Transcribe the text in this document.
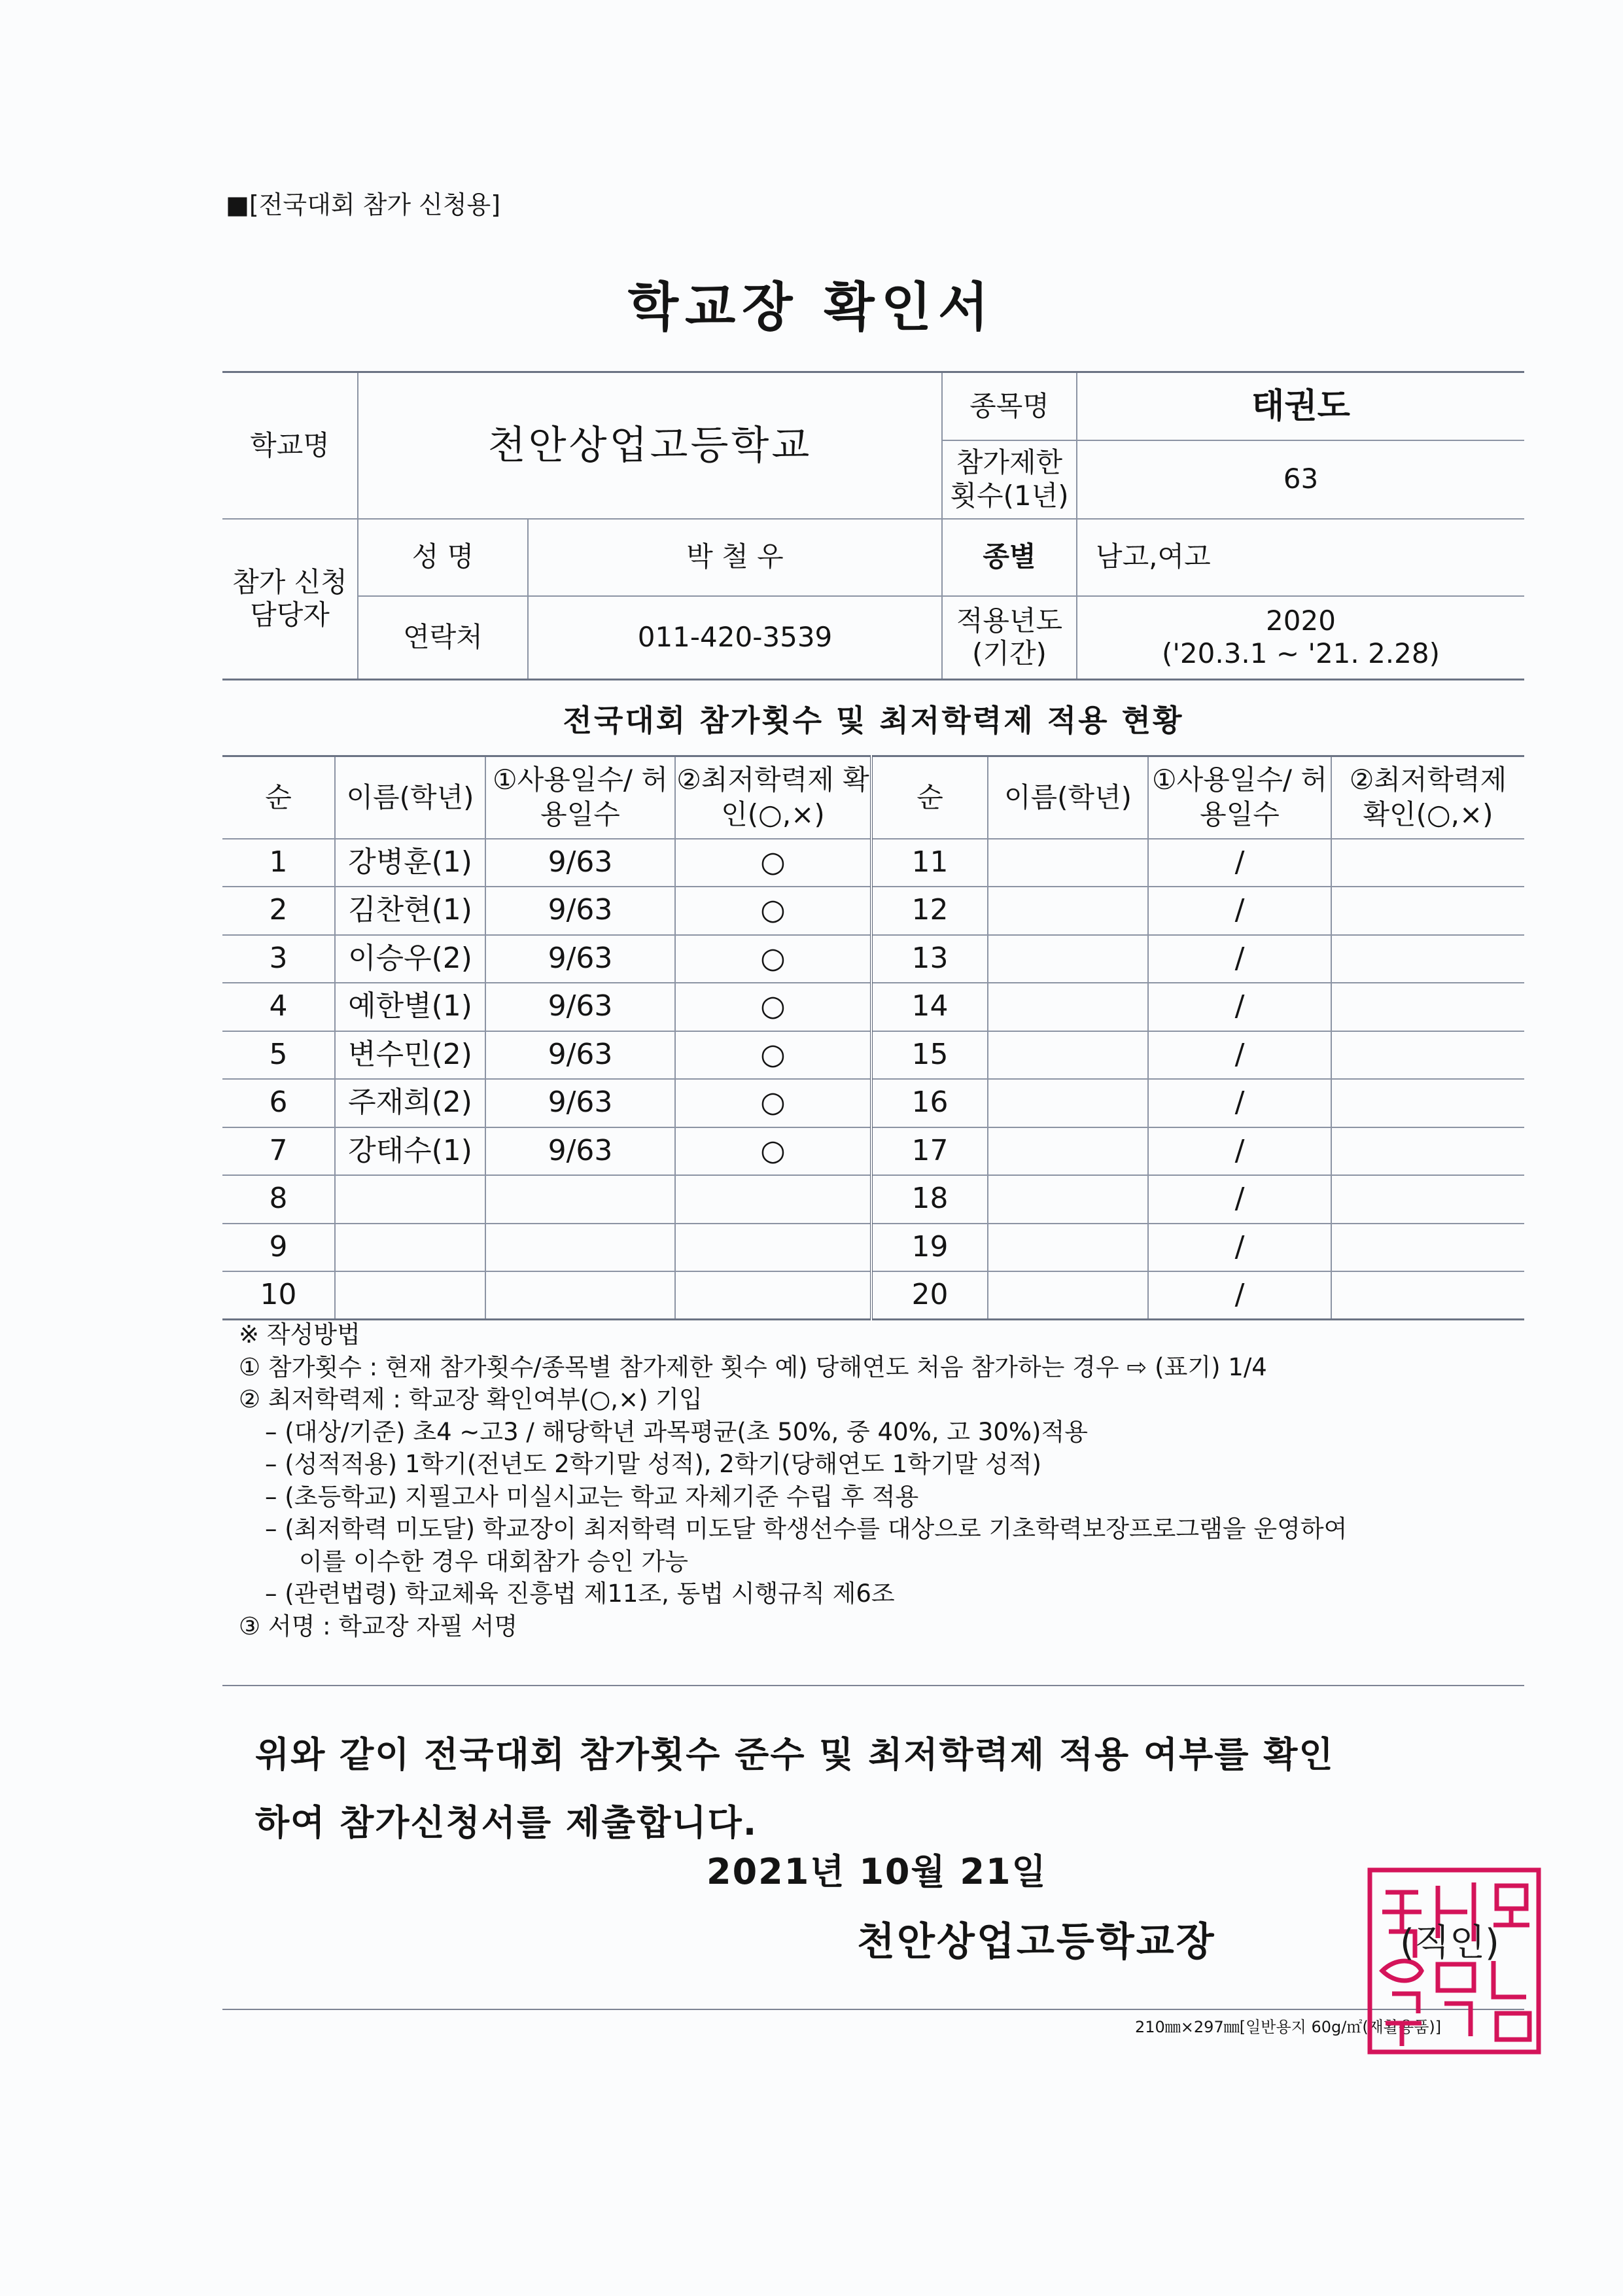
■[전국대회 참가 신청용]
학교장 확인서
학교명	천안상업고등학교		종목명	태권도
			참가제한 횟수(1년)	63
참가 신청 담당자	성 명	박 철 우	종별	남고,여고
	연락처	011-420-3539	적용년도 (기간)	2020
('20.3.1 ~ '21. 2.28)
전국대회 참가횟수 및 최저학력제 적용 현황
순	이름(학년)	①사용일수/ 허용일수	②최저학력제 확인(○,×)	순	이름(학년)	①사용일수/ 허용일수	②최저학력제 확인(○,×)
1	강병훈(1)	9/63	○	11		/	
2	김찬현(1)	9/63	○	12		/	
3	이승우(2)	9/63	○	13		/	
4	예한별(1)	9/63	○	14		/	
5	변수민(2)	9/63	○	15		/	
6	주재희(2)	9/63	○	16		/	
7	강태수(1)	9/63	○	17		/	
8				18		/	
9				19		/	
10				20		/	
※ 작성방법
① 참가횟수 : 현재 참가횟수/종목별 참가제한 횟수 예) 당해연도 처음 참가하는 경우 ⇨ (표기) 1/4
② 최저학력제 : 학교장 확인여부(○,×) 기입
– (대상/기준) 초4 ~고3 / 해당학년 과목평균(초 50%, 중 40%, 고 30%)적용
– (성적적용) 1학기(전년도 2학기말 성적), 2학기(당해연도 1학기말 성적)
– (초등학교) 지필고사 미실시교는 학교 자체기준 수립 후 적용
– (최저학력 미도달) 학교장이 최저학력 미도달 학생선수를 대상으로 기초학력보장프로그램을 운영하여
이를 이수한 경우 대회참가 승인 가능
– (관련법령) 학교체육 진흥법 제11조, 동법 시행규칙 제6조
③ 서명 : 학교장 자필 서명
위와 같이 전국대회 참가횟수 준수 및 최저학력제 적용 여부를 확인
하여 참가신청서를 제출합니다.
2021년 10월 21일
천안상업고등학교장	(직인)
210㎜×297㎜[일반용지 60g/㎡(재활용품)]
